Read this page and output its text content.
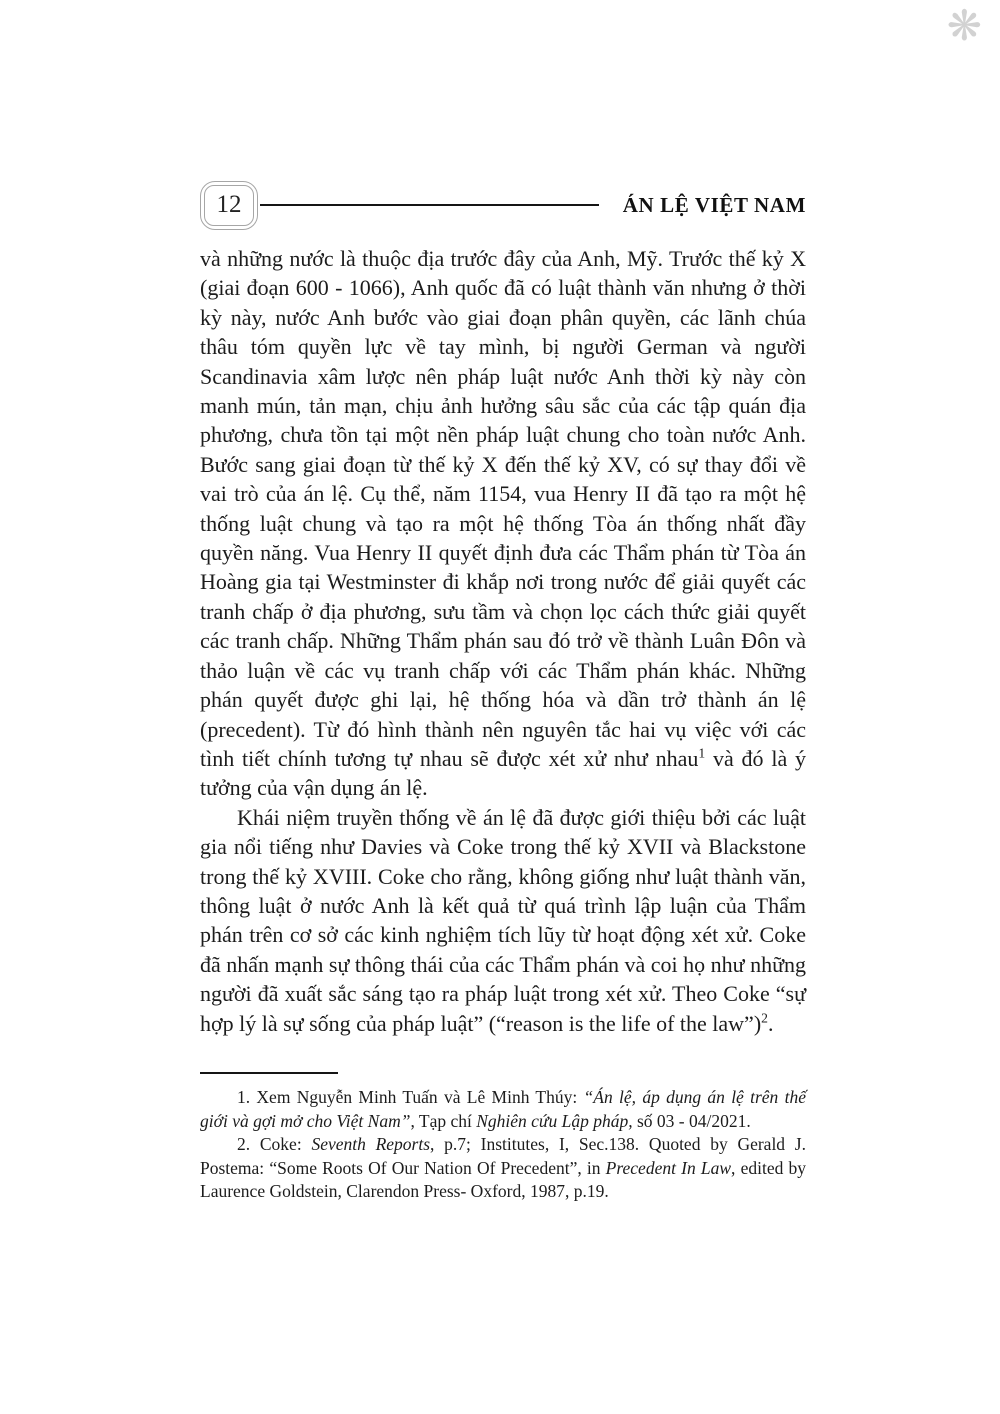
❋
12	ÁN LỆ VIỆT NAM

và những nước là thuộc địa trước đây của Anh, Mỹ. Trước thế kỷ X (giai đoạn 600 - 1066), Anh quốc đã có luật thành văn nhưng ở thời kỳ này, nước Anh bước vào giai đoạn phân quyền, các lãnh chúa thâu tóm quyền lực về tay mình, bị người German và người Scandinavia xâm lược nên pháp luật nước Anh thời kỳ này còn manh mún, tản mạn, chịu ảnh hưởng sâu sắc của các tập quán địa phương, chưa tồn tại một nền pháp luật chung cho toàn nước Anh. Bước sang giai đoạn từ thế kỷ X đến thế kỷ XV, có sự thay đổi về vai trò của án lệ. Cụ thể, năm 1154, vua Henry II đã tạo ra một hệ thống luật chung và tạo ra một hệ thống Tòa án thống nhất đầy quyền năng. Vua Henry II quyết định đưa các Thẩm phán từ Tòa án Hoàng gia tại Westminster đi khắp nơi trong nước để giải quyết các tranh chấp ở địa phương, sưu tầm và chọn lọc cách thức giải quyết các tranh chấp. Những Thẩm phán sau đó trở về thành Luân Đôn và thảo luận về các vụ tranh chấp với các Thẩm phán khác. Những phán quyết được ghi lại, hệ thống hóa và dần trở thành án lệ (precedent). Từ đó hình thành nên nguyên tắc hai vụ việc với các tình tiết chính tương tự nhau sẽ được xét xử như nhau$^1$ và đó là ý tưởng của vận dụng án lệ.

Khái niệm truyền thống về án lệ đã được giới thiệu bởi các luật gia nổi tiếng như Davies và Coke trong thế kỷ XVII và Blackstone trong thế kỷ XVIII. Coke cho rằng, không giống như luật thành văn, thông luật ở nước Anh là kết quả từ quá trình lập luận của Thẩm phán trên cơ sở các kinh nghiệm tích lũy từ hoạt động xét xử. Coke đã nhấn mạnh sự thông thái của các Thẩm phán và coi họ như những người đã xuất sắc sáng tạo ra pháp luật trong xét xử. Theo Coke “sự hợp lý là sự sống của pháp luật” (“reason is the life of the law”)$^2$.

1. Xem Nguyễn Minh Tuấn và Lê Minh Thúy: “Án lệ, áp dụng án lệ trên thế giới và gợi mở cho Việt Nam”, Tạp chí Nghiên cứu Lập pháp, số 03 - 04/2021.

2. Coke: Seventh Reports, p.7; Institutes, I, Sec.138. Quoted by Gerald J. Postema: “Some Roots Of Our Nation Of Precedent”, in Precedent In Law, edited by Laurence Goldstein, Clarendon Press- Oxford, 1987, p.19.
